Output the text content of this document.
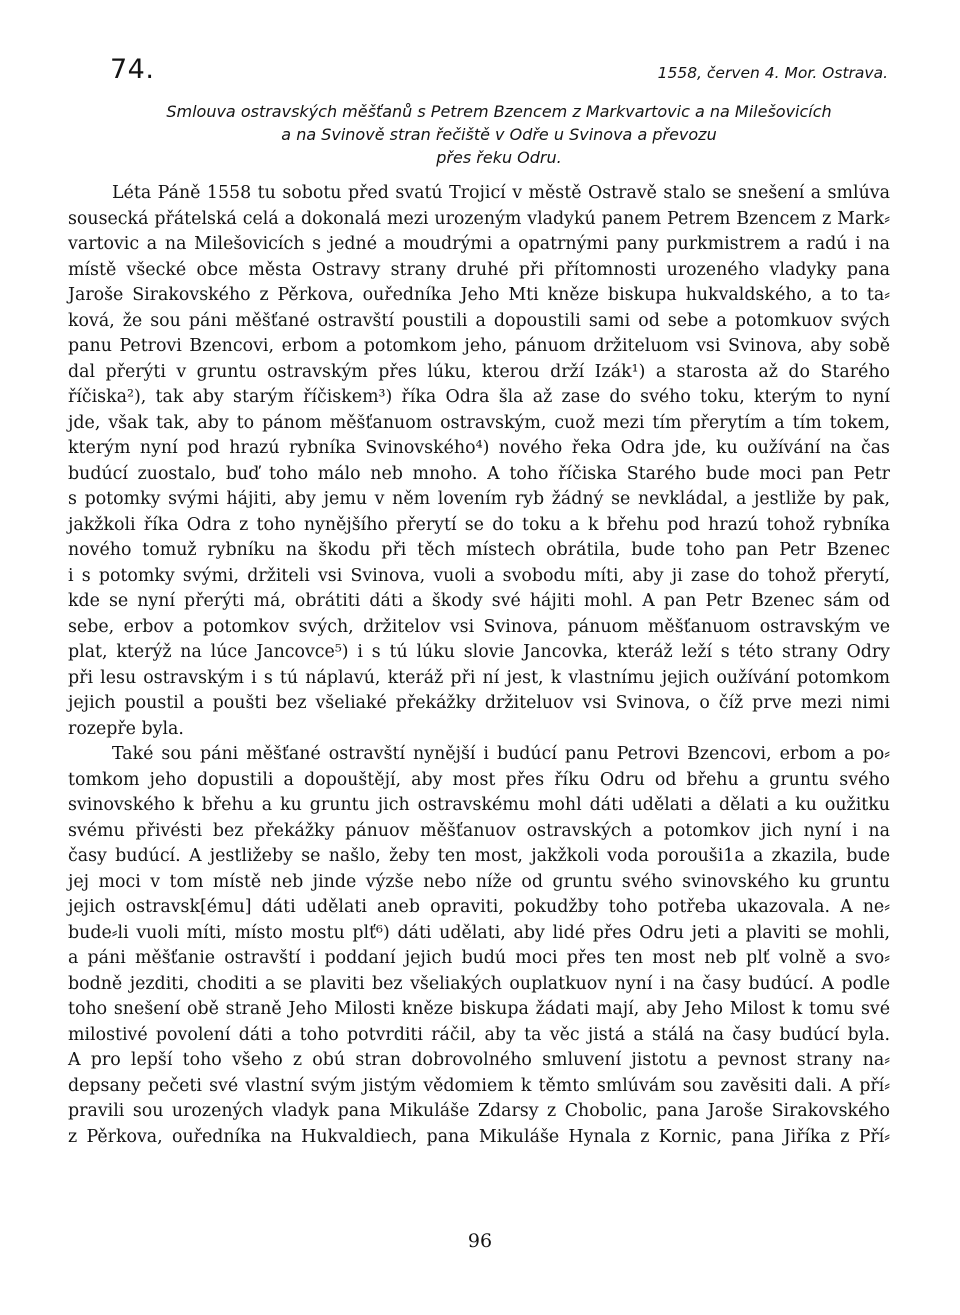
74.	1558, červen 4. Mor. Ostrava.
Smlouva ostravských měšťanů s Petrem Bzencem z Markvartovic a na Milešovicích
a na Svinově stran řečiště v Odře u Svinova a převozu
přes řeku Odru.
Léta Páně 1558 tu sobotu před svatú Trojicí v městě Ostravě stalo se snešení a smlúva
sousecká přátelská celá a dokonalá mezi urozeným vladykú panem Petrem Bzencem z Mark⸗
vartovic a na Milešovicích s jedné a moudrými a opatrnými pany purkmistrem a radú i na
místě všecké obce města Ostravy strany druhé při přítomnosti urozeného vladyky pana
Jaroše Sirakovského z Pěrkova, ouředníka Jeho Mti kněze biskupa hukvaldského, a to ta⸗
ková, že sou páni měšťané ostravští poustili a dopoustili sami od sebe a potomkuov svých
panu Petrovi Bzencovi, erbom a potomkom jeho, pánuom držiteluom vsi Svinova, aby sobě
dal přerýti v gruntu ostravským přes lúku, kterou drží Izák¹) a starosta až do Starého
říčiska²), tak aby starým říčiskem³) říka Odra šla až zase do svého toku, kterým to nyní
jde, však tak, aby to pánom měšťanuom ostravským, cuož mezi tím přerytím a tím tokem,
kterým nyní pod hrazú rybníka Svinovského⁴) nového řeka Odra jde, ku oužívání na čas
budúcí zuostalo, buď toho málo neb mnoho. A toho říčiska Starého bude moci pan Petr
s potomky svými hájiti, aby jemu v něm lovením ryb žádný se nevkládal, a jestliže by pak,
jakžkoli říka Odra z toho nynějšího přerytí se do toku a k břehu pod hrazú tohož rybníka
nového tomuž rybníku na škodu při těch místech obrátila, bude toho pan Petr Bzenec
i s potomky svými, držiteli vsi Svinova, vuoli a svobodu míti, aby ji zase do tohož přerytí,
kde se nyní přerýti má, obrátiti dáti a škody své hájiti mohl. A pan Petr Bzenec sám od
sebe, erbov a potomkov svých, držitelov vsi Svinova, pánuom měšťanuom ostravským ve
plat, kterýž na lúce Jancovce⁵) i s tú lúku slovie Jancovka, kteráž leží s této strany Odry
při lesu ostravským i s tú náplavú, kteráž při ní jest, k vlastnímu jejich oužívání potomkom
jejich poustil a poušti bez všeliaké překážky držiteluov vsi Svinova, o číž prve mezi nimi
rozepře byla.
Také sou páni měšťané ostravští nynější i budúcí panu Petrovi Bzencovi, erbom a po⸗
tomkom jeho dopustili a dopouštějí, aby most přes říku Odru od břehu a gruntu svého
svinovského k břehu a ku gruntu jich ostravskému mohl dáti udělati a dělati a ku oužitku
svému přivésti bez překážky pánuov měšťanuov ostravských a potomkov jich nyní i na
časy budúcí. A jestližeby se našlo, žeby ten most, jakžkoli voda porouši1a a zkazila, bude
jej moci v tom místě neb jinde výzše nebo níže od gruntu svého svinovského ku gruntu
jejich ostravsk[ému] dáti udělati aneb opraviti, pokudžby toho potřeba ukazovala. A ne⸗
bude⸗li vuoli míti, místo mostu plť⁶) dáti udělati, aby lidé přes Odru jeti a plaviti se mohli,
a páni měšťanie ostravští i poddaní jejich budú moci přes ten most neb plť volně a svo⸗
bodně jezditi, choditi a se plaviti bez všeliakých ouplatkuov nyní i na časy budúcí. A podle
toho snešení obě straně Jeho Milosti kněze biskupa žádati mají, aby Jeho Milost k tomu své
milostivé povolení dáti a toho potvrditi ráčil, aby ta věc jistá a stálá na časy budúcí byla.
A pro lepší toho všeho z obú stran dobrovolného smluvení jistotu a pevnost strany na⸗
depsany pečeti své vlastní svým jistým vědomiem k těmto smlúvám sou zavěsiti dali. A pří⸗
pravili sou urozených vladyk pana Mikuláše Zdarsy z Chobolic, pana Jaroše Sirakovského
z Pěrkova, ouředníka na Hukvaldiech, pana Mikuláše Hynala z Kornic, pana Jiříka z Pří⸗
96
